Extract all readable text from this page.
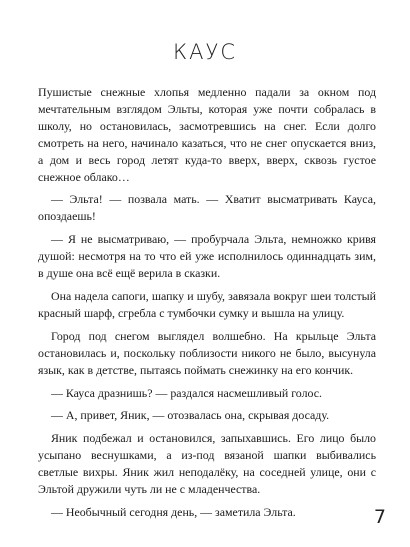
КАУС

Пушистые снежные хлопья медленно падали за окном под мечтательным взглядом Эльты, которая уже почти собралась в школу, но остановилась, засмотревшись на снег. Если долго смотреть на него, начинало казаться, что не снег опускается вниз, а дом и весь город летят куда-то вверх, вверх, сквозь густое снежное облако…

— Эльта! — позвала мать. — Хватит высматривать Кауса, опоздаешь!

— Я не высматриваю, — пробурчала Эльта, немножко кривя душой: несмотря на то что ей уже исполнилось одиннадцать зим, в душе она всё ещё верила в сказки.

Она надела сапоги, шапку и шубу, завязала вокруг шеи толстый красный шарф, сгребла с тумбочки сумку и вышла на улицу.

Город под снегом выглядел волшебно. На крыльце Эльта остановилась и, поскольку поблизости никого не было, высунула язык, как в детстве, пытаясь поймать снежинку на его кончик.

— Кауса дразнишь? — раздался насмешливый голос.

— А, привет, Яник, — отозвалась она, скрывая досаду.

Яник подбежал и остановился, запыхавшись. Его лицо было усыпано веснушками, а из-под вязаной шапки выбивались светлые вихры. Яник жил неподалёку, на соседней улице, они с Эльтой дружили чуть ли не с младенчества.

— Необычный сегодня день, — заметила Эльта.	7
